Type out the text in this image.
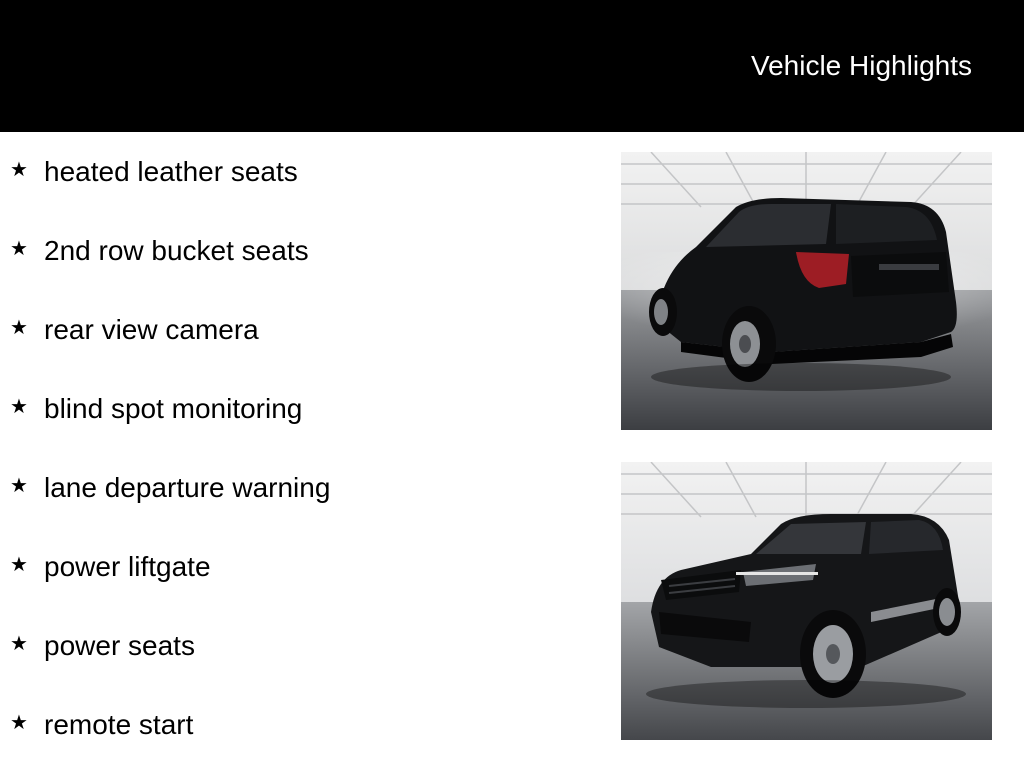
Vehicle Highlights
★ heated leather seats
★ 2nd row bucket seats
★ rear view camera
★ blind spot monitoring
★ lane departure warning
★ power liftgate
★ power seats
★ remote start
